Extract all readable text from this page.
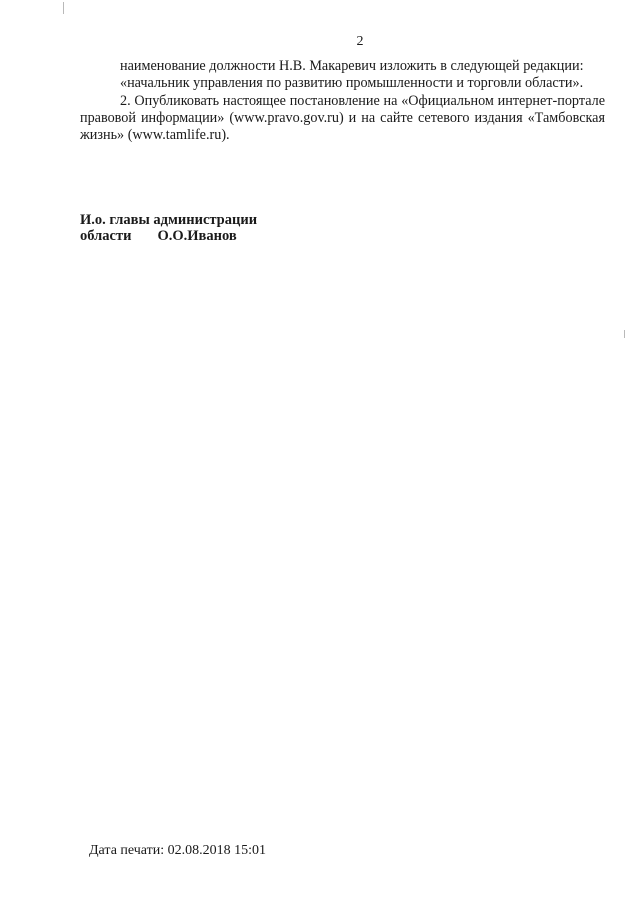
2

наименование должности Н.В. Макаревич изложить в следующей редакции:

«начальник управления по развитию промышленности и торговли области».

2. Опубликовать настоящее постановление на «Официальном интернет-портале правовой информации» (www.pravo.gov.ru) и на сайте сетевого издания «Тамбовская жизнь» (www.tamlife.ru).

И.о. главы администрации
области О.О.Иванов
Дата печати: 02.08.2018 15:01
